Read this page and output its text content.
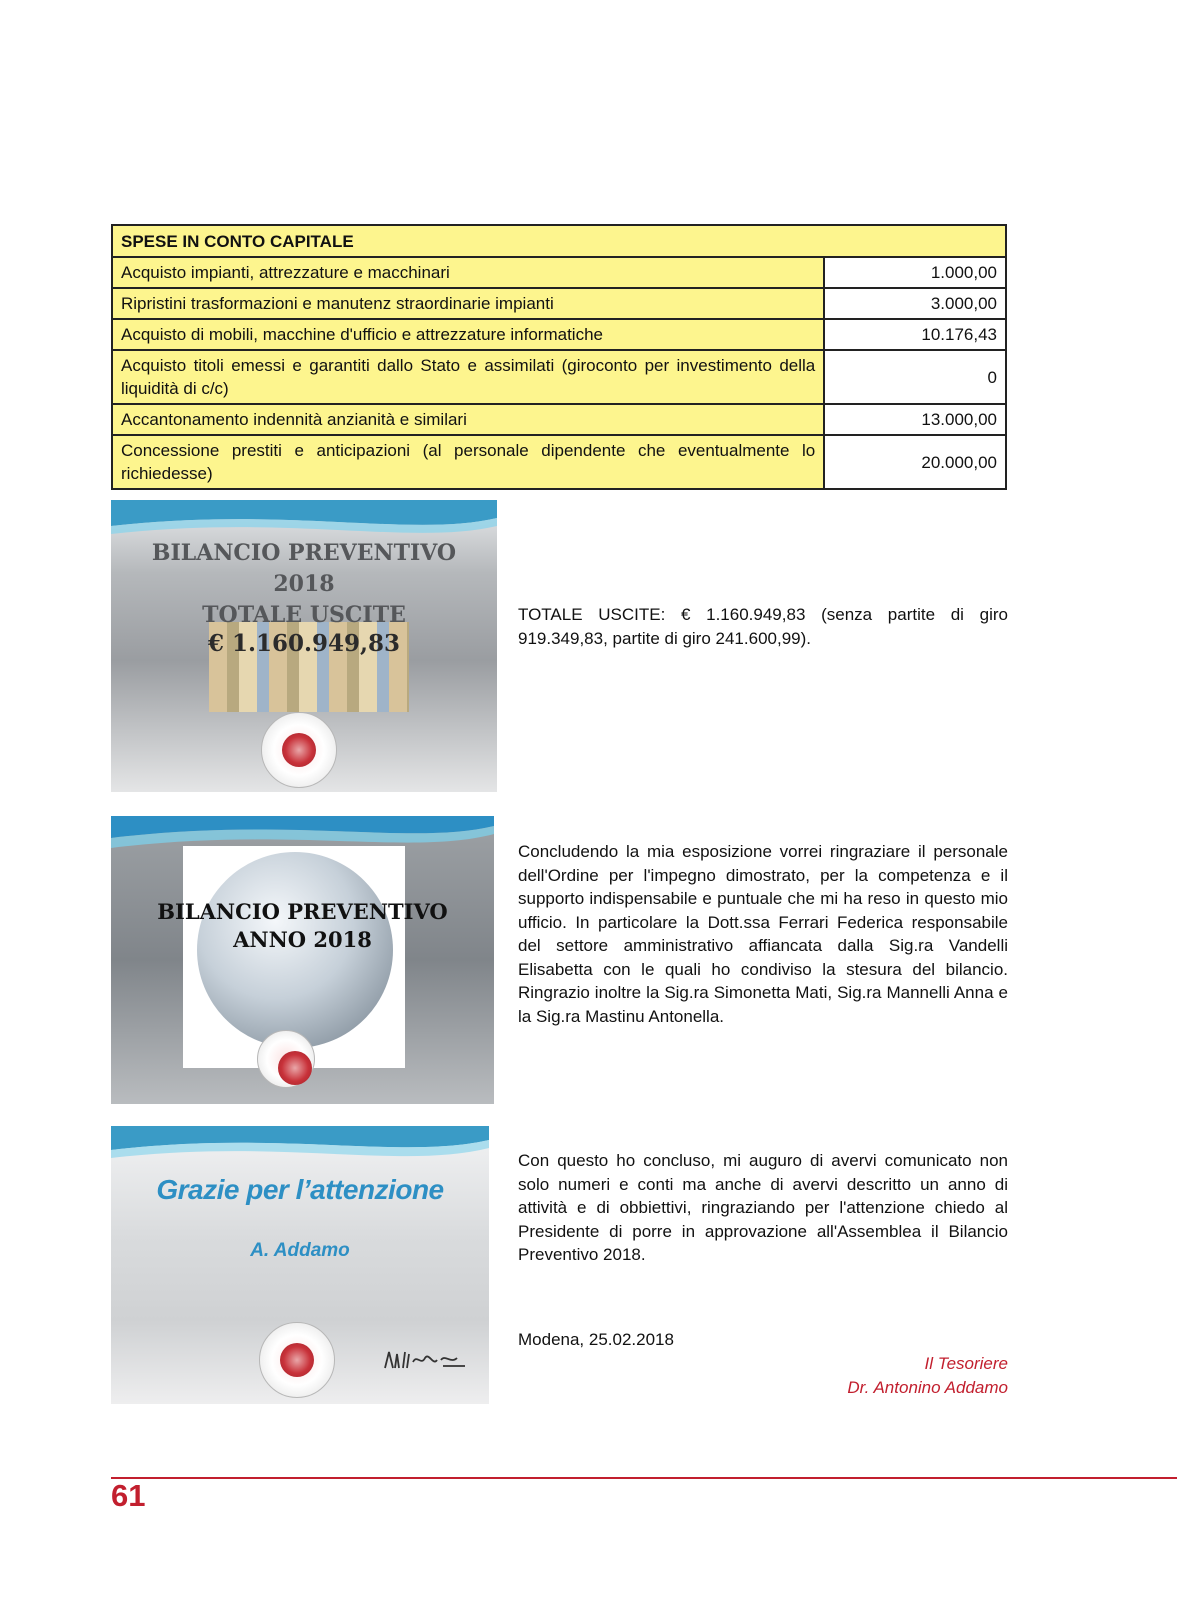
SPESE IN CONTO CAPITALE	
Acquisto impianti, attrezzature e macchinari	1.000,00
Ripristini trasformazioni e manutenz straordinarie impianti	3.000,00
Acquisto di mobili, macchine d'ufficio e attrezzature informatiche	10.176,43
Acquisto titoli emessi e garantiti dallo Stato e assimilati (giroconto per investimento della liquidità di c/c)	0
Accantonamento indennità anzianità e similari	13.000,00
Concessione prestiti e anticipazioni (al personale dipendente che eventualmente lo richiedesse)	20.000,00
BILANCIO PREVENTIVO
2018
TOTALE USCITE
€ 1.160.949,83
BILANCIO PREVENTIVO
ANNO 2018
Grazie per l’attenzione
A. Addamo

TOTALE USCITE: € 1.160.949,83 (senza partite di giro 919.349,83, partite di giro 241.600,99).

Concludendo la mia esposizione vorrei ringraziare il personale dell'Ordine per l'impegno dimostrato, per la competenza e il supporto indispensabile e puntuale che mi ha reso in questo mio ufficio. In particolare la Dott.ssa Ferrari Federica responsabile del settore amministrativo affiancata dalla Sig.ra Vandelli Elisabetta con le quali ho condiviso la stesura del bilancio. Ringrazio inoltre la Sig.ra Simonetta Mati, Sig.ra Mannelli Anna e la Sig.ra Mastinu Antonella.

Con questo ho concluso, mi auguro di avervi comunicato non solo numeri e conti ma anche di avervi descritto un anno di attività e di obbiettivi, ringraziando per l'attenzione chiedo al Presidente di porre in approvazione all'Assemblea il Bilancio Preventivo 2018.

Modena, 25.02.2018
Il Tesoriere
Dr. Antonino Addamo
61
